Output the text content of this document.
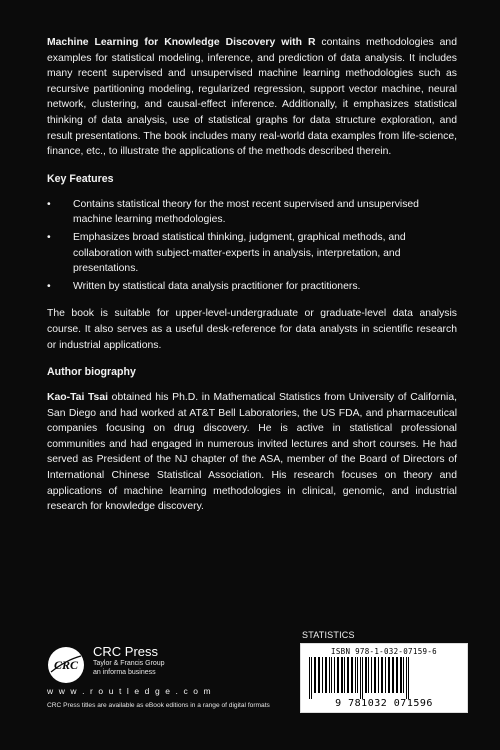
Machine Learning for Knowledge Discovery with R contains methodologies and examples for statistical modeling, inference, and prediction of data analysis. It includes many recent supervised and unsupervised machine learning methodologies such as recursive partitioning modeling, regularized regression, support vector machine, neural network, clustering, and causal-effect inference. Additionally, it emphasizes statistical thinking of data analysis, use of statistical graphs for data structure exploration, and result presentations. The book includes many real-world data examples from life-science, finance, etc., to illustrate the applications of the methods described therein.

Key Features
• Contains statistical theory for the most recent supervised and unsupervised machine learning methodologies.
• Emphasizes broad statistical thinking, judgment, graphical methods, and collaboration with subject-matter-experts in analysis, interpretation, and presentations.
• Written by statistical data analysis practitioner for practitioners.

The book is suitable for upper-level-undergraduate or graduate-level data analysis course. It also serves as a useful desk-reference for data analysts in scientific research or industrial applications.

Author biography

Kao-Tai Tsai obtained his Ph.D. in Mathematical Statistics from University of California, San Diego and had worked at AT&T Bell Laboratories, the US FDA, and pharmaceutical companies focusing on drug discovery. He is active in statistical professional communities and had engaged in numerous invited lectures and short courses. He had served as President of the NJ chapter of the ASA, member of the Board of Directors of International Chinese Statistical Association. His research focuses on theory and applications of machine learning methodologies in clinical, genomic, and industrial research for knowledge discovery.

STATISTICS
ISBN 978-1-032-07159-6
9 781032 071596
CRC
CRC Press
Taylor & Francis Group
an informa business
w w w . r o u t l e d g e . c o m
CRC Press titles are available as eBook editions in a range of digital formats
